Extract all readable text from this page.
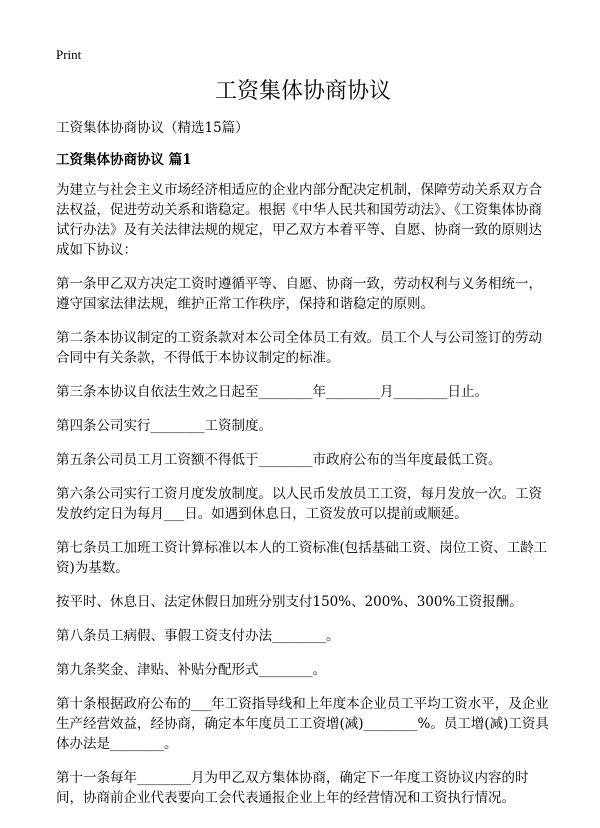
Print
工资集体协商协议
工资集体协商协议（精选15篇）
工资集体协商协议 篇1

为建立与社会主义市场经济相适应的企业内部分配决定机制，保障劳动关系双方合法权益，促进劳动关系和谐稳定。根据《中华人民共和国劳动法》、《工资集体协商试行办法》及有关法律法规的规定，甲乙双方本着平等、自愿、协商一致的原则达成如下协议：

第一条甲乙双方决定工资时遵循平等、自愿、协商一致，劳动权利与义务相统一，遵守国家法律法规，维护正常工作秩序，保持和谐稳定的原则。

第二条本协议制定的工资条款对本公司全体员工有效。员工个人与公司签订的劳动合同中有关条款，不得低于本协议制定的标准。

第三条本协议自依法生效之日起至________年________月________日止。

第四条公司实行________工资制度。

第五条公司员工月工资额不得低于________市政府公布的当年度最低工资。

第六条公司实行工资月度发放制度。以人民币发放员工工资，每月发放一次。工资发放约定日为每月___日。如遇到休息日，工资发放可以提前或顺延。

第七条员工加班工资计算标准以本人的工资标准(包括基础工资、岗位工资、工龄工资)为基数。

按平时、休息日、法定休假日加班分别支付150%、200%、300%工资报酬。

第八条员工病假、事假工资支付办法________。

第九条奖金、津贴、补贴分配形式________。

第十条根据政府公布的___年工资指导线和上年度本企业员工平均工资水平，及企业生产经营效益，经协商，确定本年度员工工资增(减)________%。员工增(减)工资具体办法是________。

第十一条每年________月为甲乙双方集体协商，确定下一年度工资协议内容的时间，协商前企业代表要向工会代表通报企业上年的经营情况和工资执行情况。
